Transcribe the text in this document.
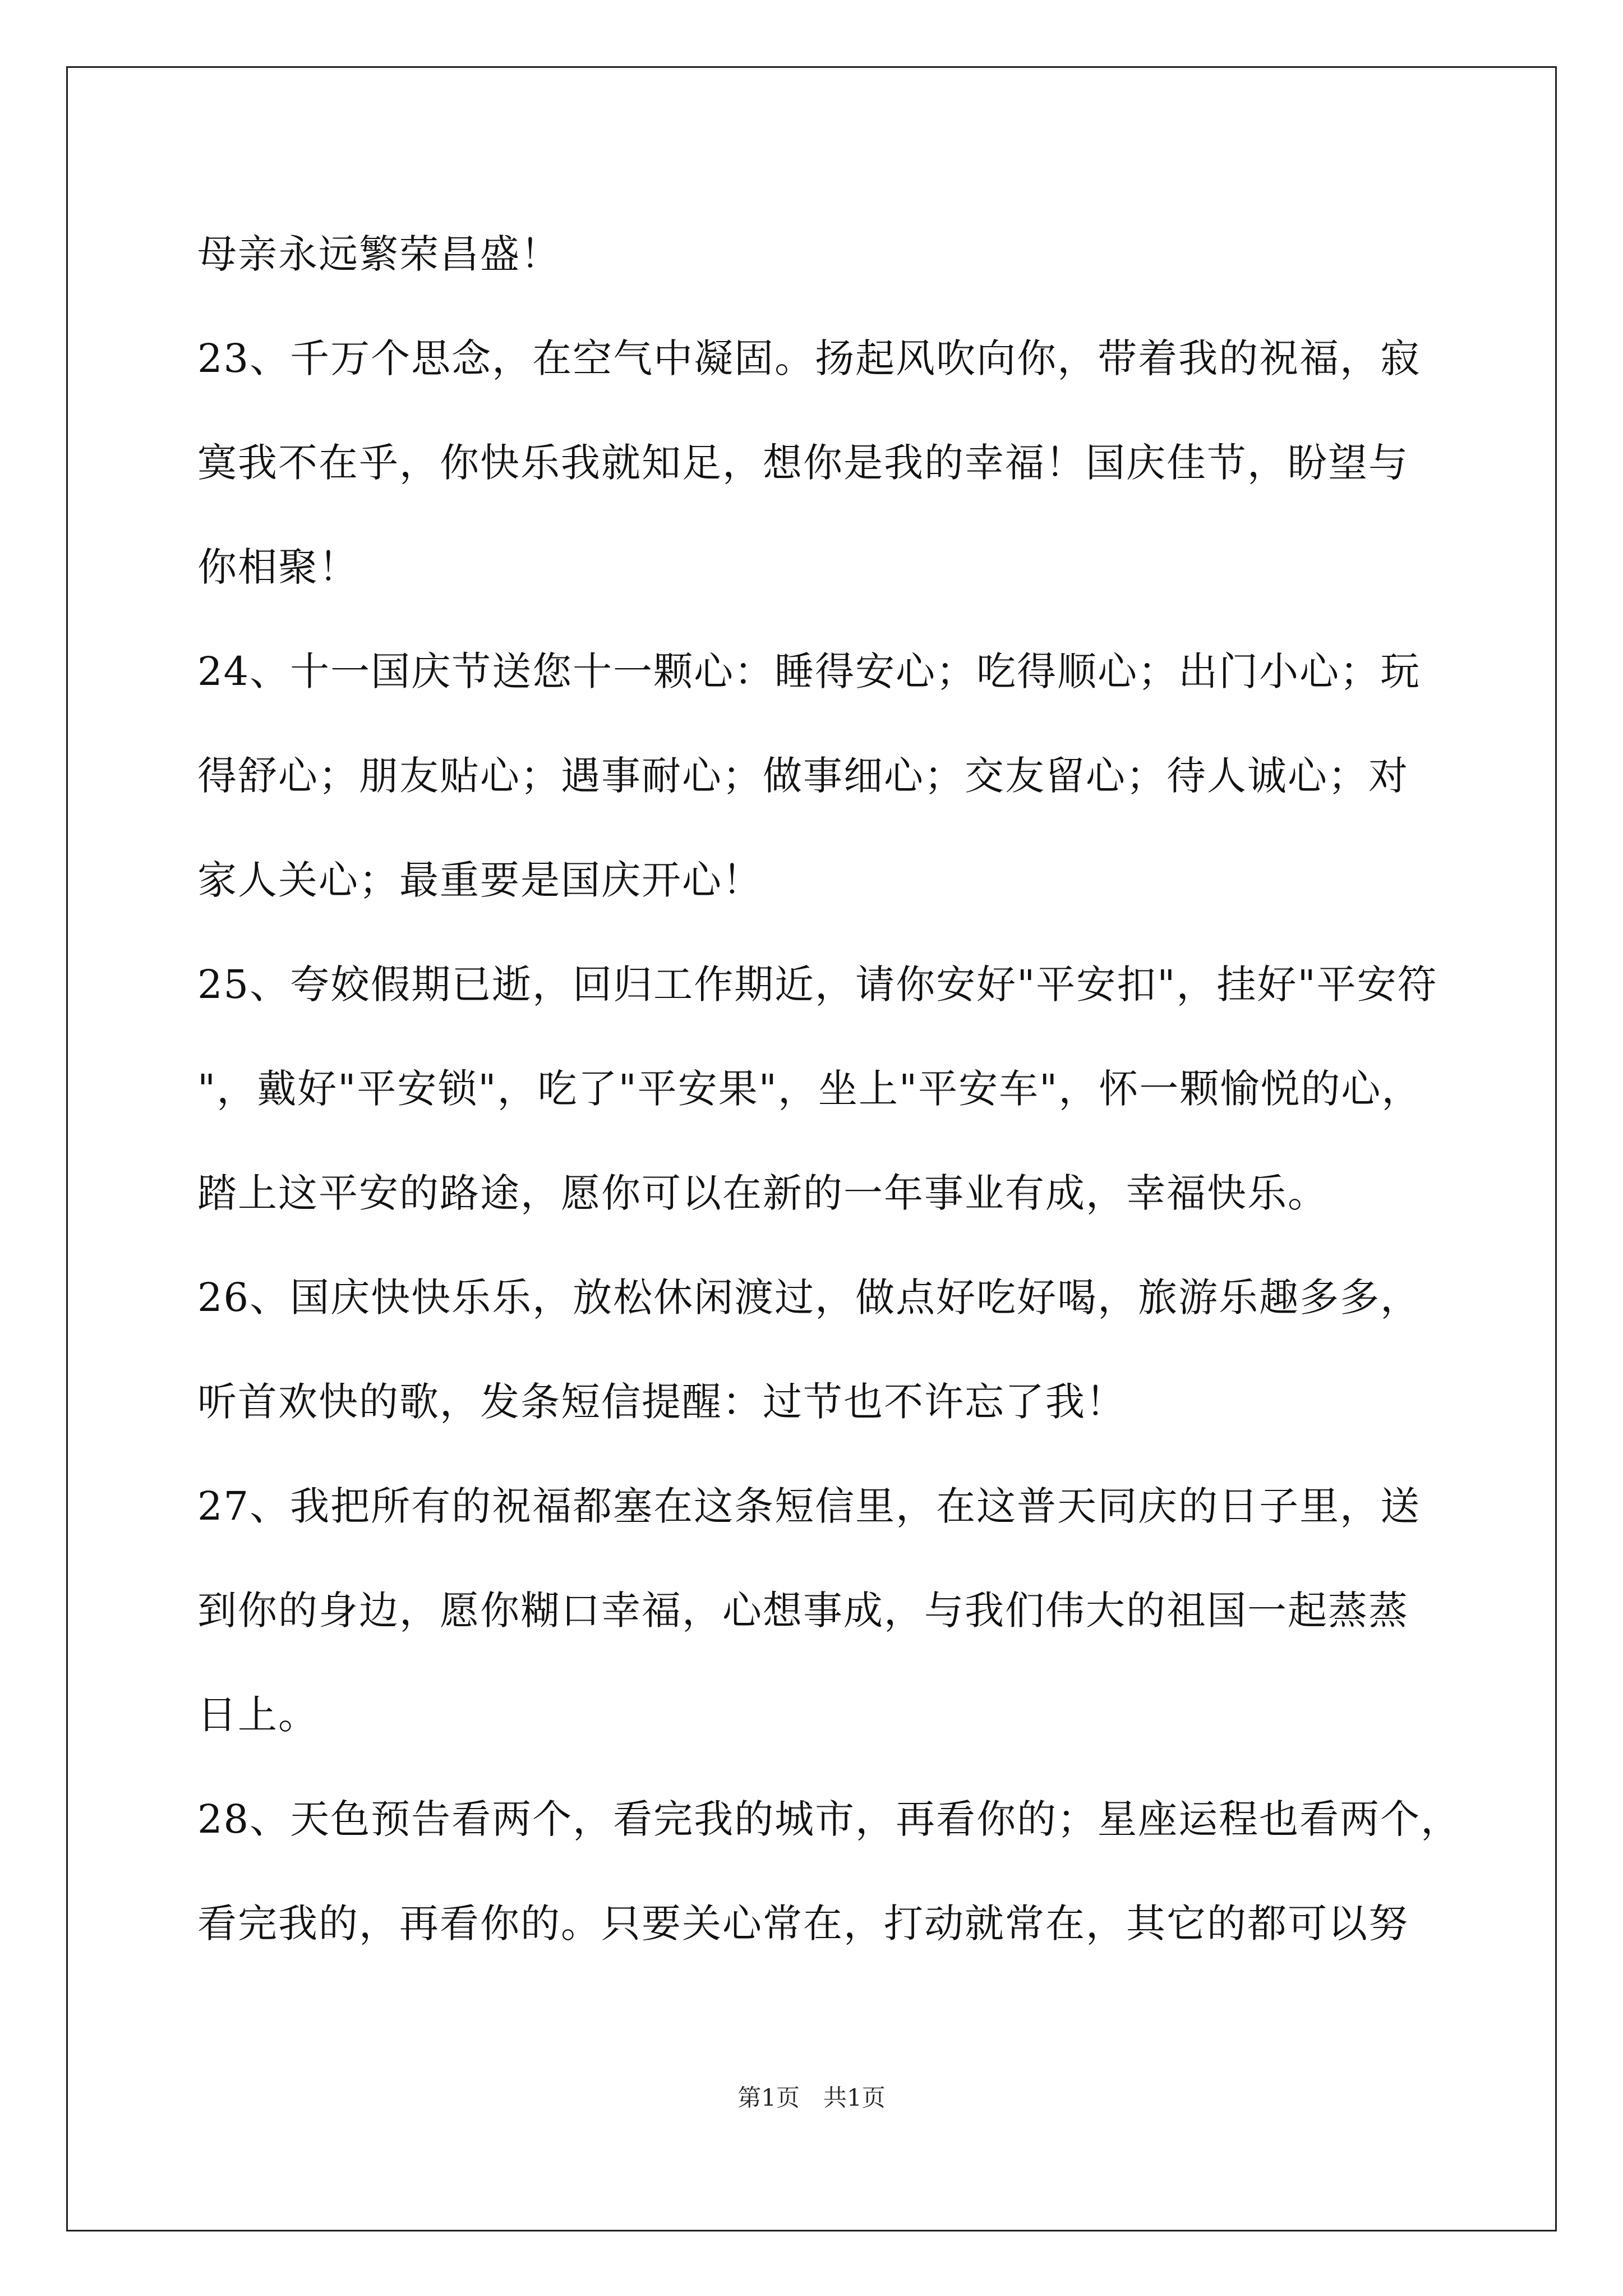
母亲永远繁荣昌盛！
23、千万个思念，在空气中凝固。扬起风吹向你，带着我的祝福，寂
寞我不在乎，你快乐我就知足，想你是我的幸福！国庆佳节，盼望与
你相聚！
24、十一国庆节送您十一颗心：睡得安心；吃得顺心；出门小心；玩
得舒心；朋友贴心；遇事耐心；做事细心；交友留心；待人诚心；对
家人关心；最重要是国庆开心！
25、夸姣假期已逝，回归工作期近，请你安好"平安扣"，挂好"平安符
"，戴好"平安锁"，吃了"平安果"，坐上"平安车"，怀一颗愉悦的心，
踏上这平安的路途，愿你可以在新的一年事业有成，幸福快乐。
26、国庆快快乐乐，放松休闲渡过，做点好吃好喝，旅游乐趣多多，
听首欢快的歌，发条短信提醒：过节也不许忘了我！
27、我把所有的祝福都塞在这条短信里，在这普天同庆的日子里，送
到你的身边，愿你糊口幸福，心想事成，与我们伟大的祖国一起蒸蒸
日上。
28、天色预告看两个，看完我的城市，再看你的；星座运程也看两个，
看完我的，再看你的。只要关心常在，打动就常在，其它的都可以努
第1页　共1页
